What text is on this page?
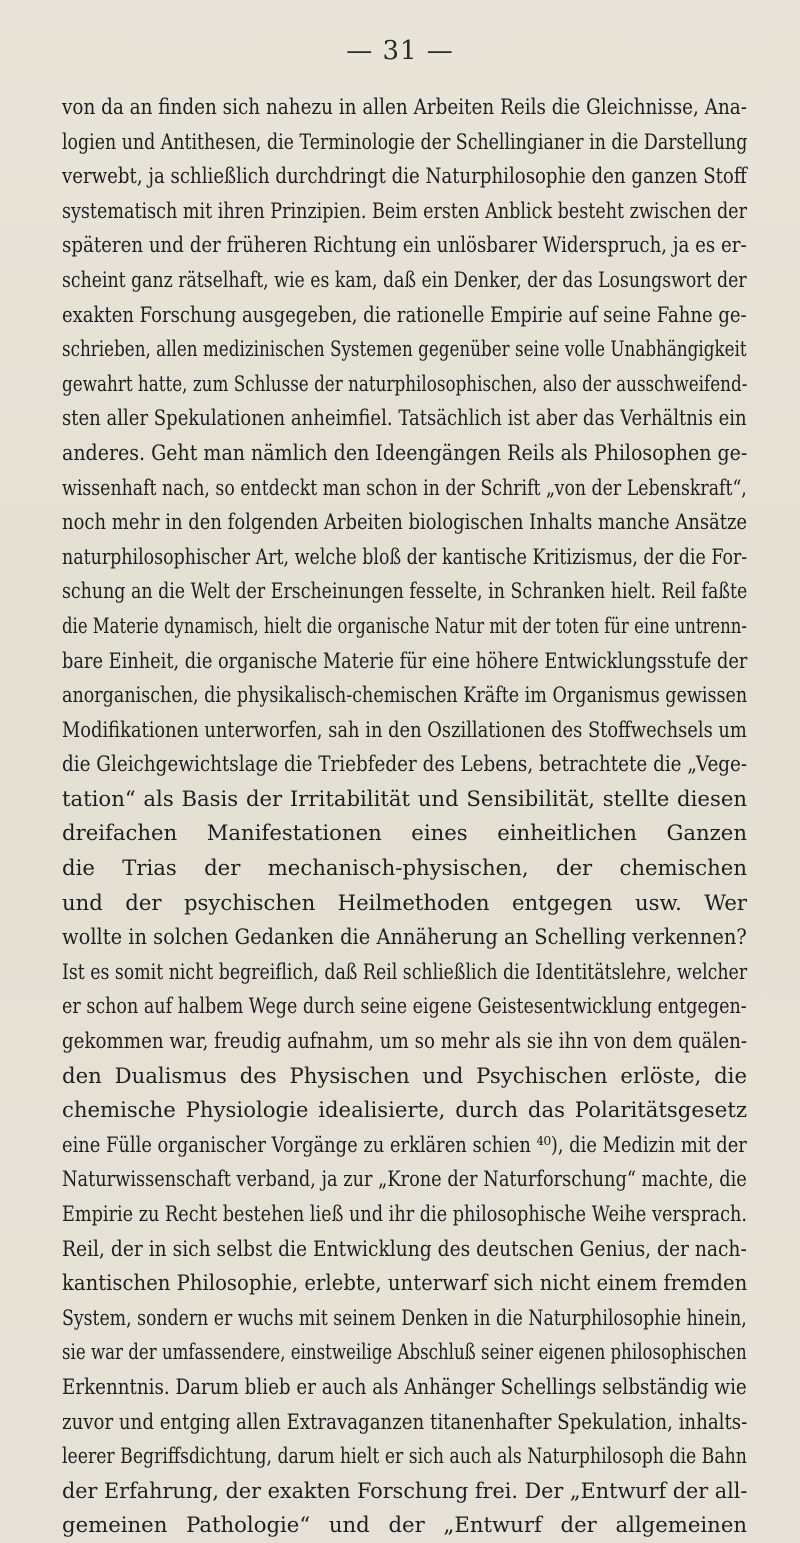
— 31 —
von da an finden sich nahezu in allen Arbeiten Reils die Gleichnisse, Ana-
logien und Antithesen, die Terminologie der Schellingianer in die Darstellung
verwebt, ja schließlich durchdringt die Naturphilosophie den ganzen Stoff
systematisch mit ihren Prinzipien. Beim ersten Anblick besteht zwischen der
späteren und der früheren Richtung ein unlösbarer Widerspruch, ja es er-
scheint ganz rätselhaft, wie es kam, daß ein Denker, der das Losungswort der
exakten Forschung ausgegeben, die rationelle Empirie auf seine Fahne ge-
schrieben, allen medizinischen Systemen gegenüber seine volle Unabhängigkeit
gewahrt hatte, zum Schlusse der naturphilosophischen, also der ausschweifend-
sten aller Spekulationen anheimfiel. Tatsächlich ist aber das Verhältnis ein
anderes. Geht man nämlich den Ideengängen Reils als Philosophen ge-
wissenhaft nach, so entdeckt man schon in der Schrift „von der Lebenskraft“,
noch mehr in den folgenden Arbeiten biologischen Inhalts manche Ansätze
naturphilosophischer Art, welche bloß der kantische Kritizismus, der die For-
schung an die Welt der Erscheinungen fesselte, in Schranken hielt. Reil faßte
die Materie dynamisch, hielt die organische Natur mit der toten für eine untrenn-
bare Einheit, die organische Materie für eine höhere Entwicklungsstufe der
anorganischen, die physikalisch-chemischen Kräfte im Organismus gewissen
Modifikationen unterworfen, sah in den Oszillationen des Stoffwechsels um
die Gleichgewichtslage die Triebfeder des Lebens, betrachtete die „Vege-
tation“ als Basis der Irritabilität und Sensibilität, stellte diesen
dreifachen Manifestationen eines einheitlichen Ganzen
die Trias der mechanisch-physischen, der chemischen
und der psychischen Heilmethoden entgegen usw. Wer
wollte in solchen Gedanken die Annäherung an Schelling verkennen?
Ist es somit nicht begreiflich, daß Reil schließlich die Identitätslehre, welcher
er schon auf halbem Wege durch seine eigene Geistesentwicklung entgegen-
gekommen war, freudig aufnahm, um so mehr als sie ihn von dem quälen-
den Dualismus des Physischen und Psychischen erlöste, die
chemische Physiologie idealisierte, durch das Polaritätsgesetz
eine Fülle organischer Vorgänge zu erklären schien ⁴⁰), die Medizin mit der
Naturwissenschaft verband, ja zur „Krone der Naturforschung“ machte, die
Empirie zu Recht bestehen ließ und ihr die philosophische Weihe versprach.
Reil, der in sich selbst die Entwicklung des deutschen Genius, der nach-
kantischen Philosophie, erlebte, unterwarf sich nicht einem fremden
System, sondern er wuchs mit seinem Denken in die Naturphilosophie hinein,
sie war der umfassendere, einstweilige Abschluß seiner eigenen philosophischen
Erkenntnis. Darum blieb er auch als Anhänger Schellings selbständig wie
zuvor und entging allen Extravaganzen titanenhafter Spekulation, inhalts-
leerer Begriffsdichtung, darum hielt er sich auch als Naturphilosoph die Bahn
der Erfahrung, der exakten Forschung frei. Der „Entwurf der all-
gemeinen Pathologie“ und der „Entwurf der allgemeinen
